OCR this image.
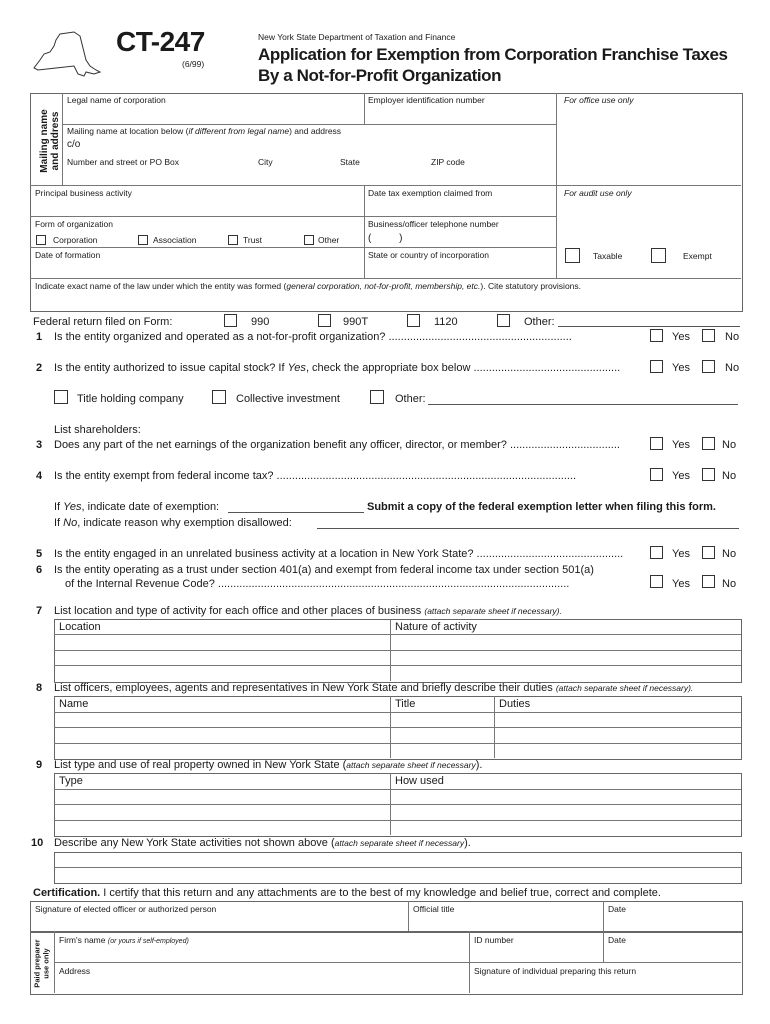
CT-247
(6/99)
New York State Department of Taxation and Finance
Application for Exemption from Corporation Franchise Taxes
By a Not-for-Profit Organization
Mailing name and address
Legal name of corporation	Employer identification number	For office use only
Mailing name at location below (if different from legal name) and address
c/o
Number and street or PO Box	City	State	ZIP code
Principal business activity	Date tax exemption claimed from	For audit use only
Form of organization	Business/officer telephone number
(          )
Corporation	Association	Trust	Other
Date of formation	State or country of incorporation	Taxable	Exempt
Indicate exact name of the law under which the entity was formed (general corporation, not-for-profit, membership, etc.). Cite statutory provisions.
Federal return filed on Form:	990	990T	1120	Other:
1 Is the entity organized and operated as a not-for-profit organization? ............................................................	Yes	No
2 Is the entity authorized to issue capital stock? If Yes, check the appropriate box below ................................................	Yes	No
Title holding company	Collective investment	Other:
List shareholders:
3 Does any part of the net earnings of the organization benefit any officer, director, or member? ....................................	Yes	No
4 Is the entity exempt from federal income tax? ..................................................................................................	Yes	No
If Yes, indicate date of exemption:	Submit a copy of the federal exemption letter when filing this form.
If No, indicate reason why exemption disallowed:
5 Is the entity engaged in an unrelated business activity at a location in New York State? ................................................	Yes	No
6 Is the entity operating as a trust under section 401(a) and exempt from federal income tax under section 501(a)
of the Internal Revenue Code? ...................................................................................................................	Yes	No
7 List location and type of activity for each office and other places of business (attach separate sheet if necessary).
Location	Nature of activity
8 List officers, employees, agents and representatives in New York State and briefly describe their duties (attach separate sheet if necessary).
Name	Title	Duties
9 List type and use of real property owned in New York State (attach separate sheet if necessary).
Type	How used
10 Describe any New York State activities not shown above (attach separate sheet if necessary).
Certification. I certify that this return and any attachments are to the best of my knowledge and belief true, correct and complete.
Signature of elected officer or authorized person	Official title	Date
Paid preparer use only
Firm's name (or yours if self-employed)	ID number	Date
Address	Signature of individual preparing this return
